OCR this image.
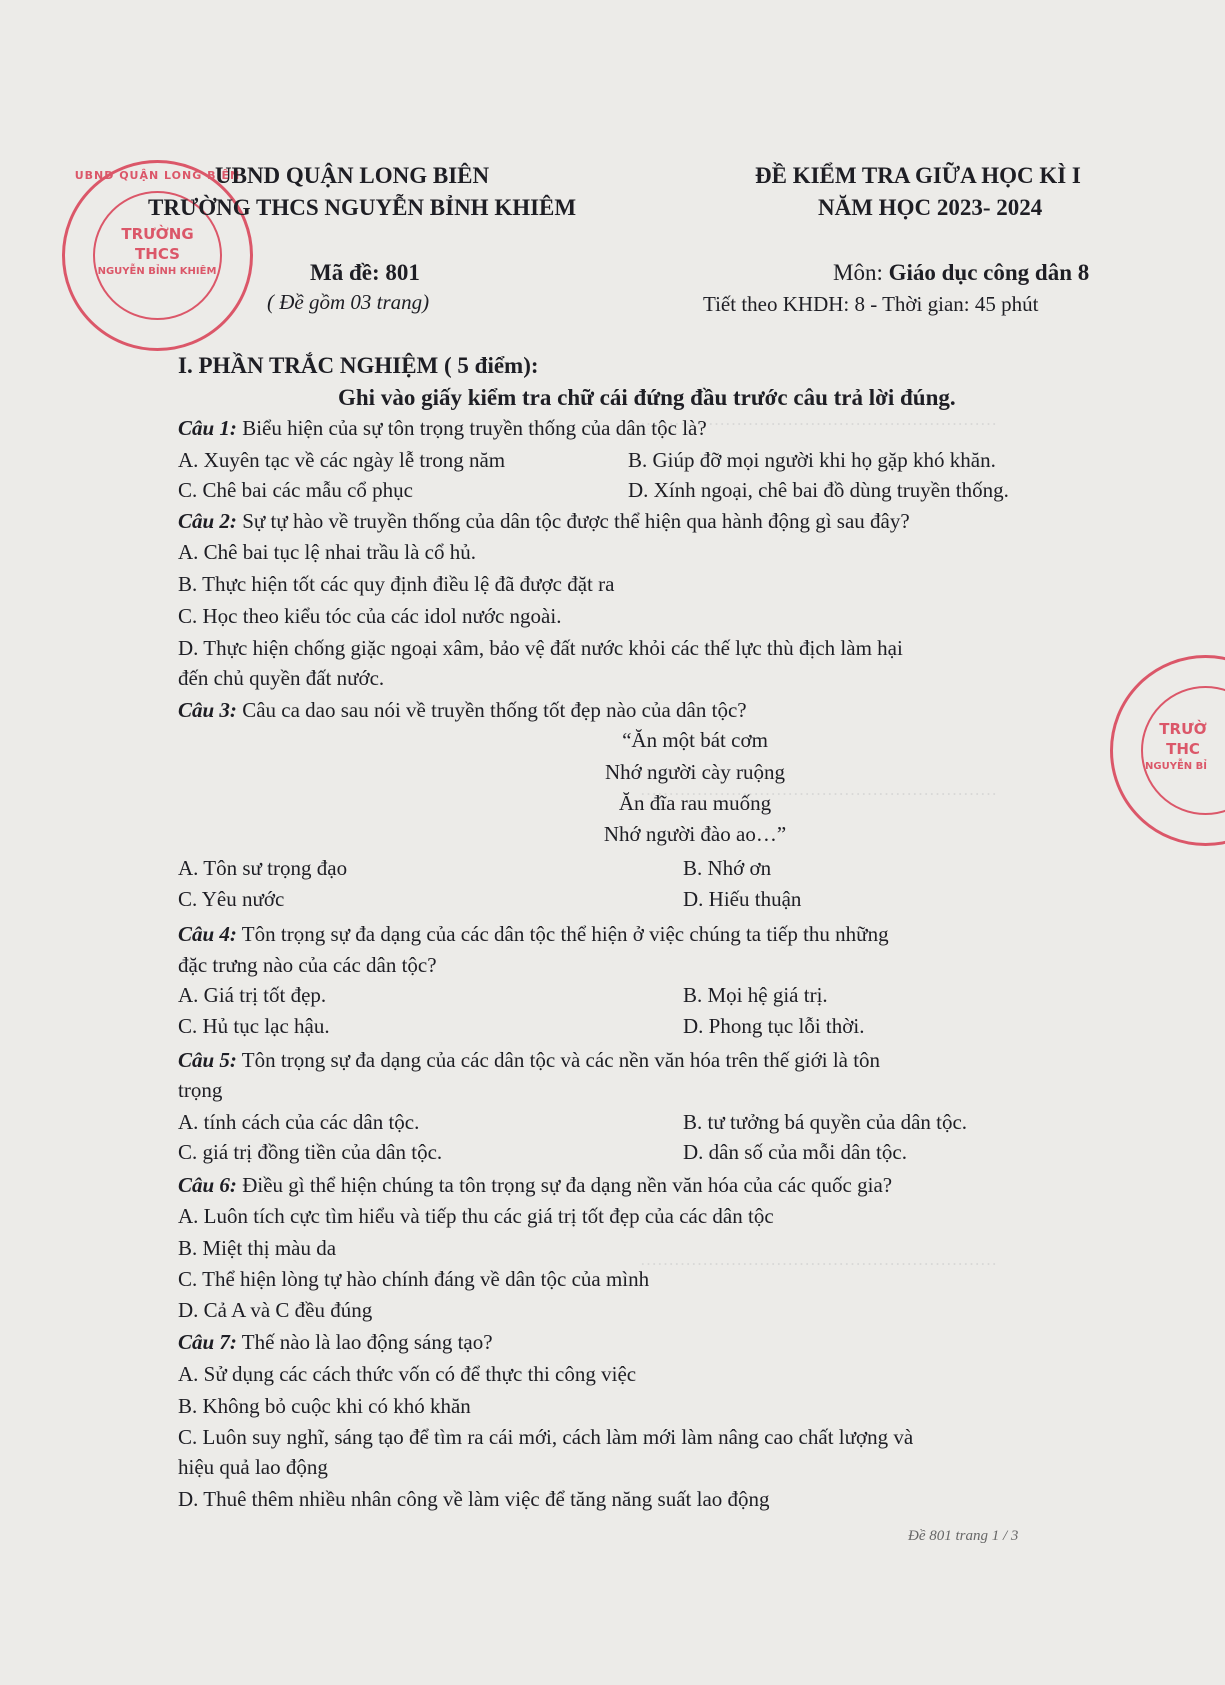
………………………………………………………
………………………………………………………
………………………………………………………
UBND QUẬN LONG BIÊN
TRƯỜNG
THCS
NGUYỄN BỈNH KHIÊM
TRƯỜ
THC
NGUYỄN BỈ
UBND QUẬN LONG BIÊN
TRƯỜNG THCS NGUYỄN BỈNH KHIÊM
ĐỀ KIỂM TRA GIỮA HỌC KÌ I
NĂM HỌC 2023- 2024
Mã đề: 801
( Đề gồm 03 trang)
Môn: Giáo dục công dân 8
Tiết theo KHDH: 8 - Thời gian: 45 phút
I. PHẦN TRẮC NGHIỆM ( 5 điểm):
Ghi vào giấy kiểm tra chữ cái đứng đầu trước câu trả lời đúng.
Câu 1: Biểu hiện của sự tôn trọng truyền thống của dân tộc là?
A. Xuyên tạc về các ngày lễ trong năm	B. Giúp đỡ mọi người khi họ gặp khó khăn.
C. Chê bai các mẫu cổ phục	D. Xính ngoại, chê bai đồ dùng truyền thống.
Câu 2: Sự tự hào về truyền thống của dân tộc được thể hiện qua hành động gì sau đây?
A. Chê bai tục lệ nhai trầu là cổ hủ.
B. Thực hiện tốt các quy định điều lệ đã được đặt ra
C. Học theo kiểu tóc của các idol nước ngoài.
D. Thực hiện chống giặc ngoại xâm, bảo vệ đất nước khỏi các thế lực thù địch làm hại
đến chủ quyền đất nước.
Câu 3: Câu ca dao sau nói về truyền thống tốt đẹp nào của dân tộc?
“Ăn một bát cơm
Nhớ người cày ruộng
Ăn đĩa rau muống
Nhớ người đào ao…”
A. Tôn sư trọng đạo	B. Nhớ ơn
C. Yêu nước	D. Hiếu thuận
Câu 4: Tôn trọng sự đa dạng của các dân tộc thể hiện ở việc chúng ta tiếp thu những
đặc trưng nào của các dân tộc?
A. Giá trị tốt đẹp.	B. Mọi hệ giá trị.
C. Hủ tục lạc hậu.	D. Phong tục lỗi thời.
Câu 5: Tôn trọng sự đa dạng của các dân tộc và các nền văn hóa trên thế giới là tôn
trọng
A. tính cách của các dân tộc.	B. tư tưởng bá quyền của dân tộc.
C. giá trị đồng tiền của dân tộc.	D. dân số của mỗi dân tộc.
Câu 6: Điều gì thể hiện chúng ta tôn trọng sự đa dạng nền văn hóa của các quốc gia?
A. Luôn tích cực tìm hiểu và tiếp thu các giá trị tốt đẹp của các dân tộc
B. Miệt thị màu da
C. Thể hiện lòng tự hào chính đáng về dân tộc của mình
D. Cả A và C đều đúng
Câu 7: Thế nào là lao động sáng tạo?
A. Sử dụng các cách thức vốn có để thực thi công việc
B. Không bỏ cuộc khi có khó khăn
C. Luôn suy nghĩ, sáng tạo để tìm ra cái mới, cách làm mới làm nâng cao chất lượng và
hiệu quả lao động
D. Thuê thêm nhiều nhân công về làm việc để tăng năng suất lao động
Đề 801 trang 1 / 3
